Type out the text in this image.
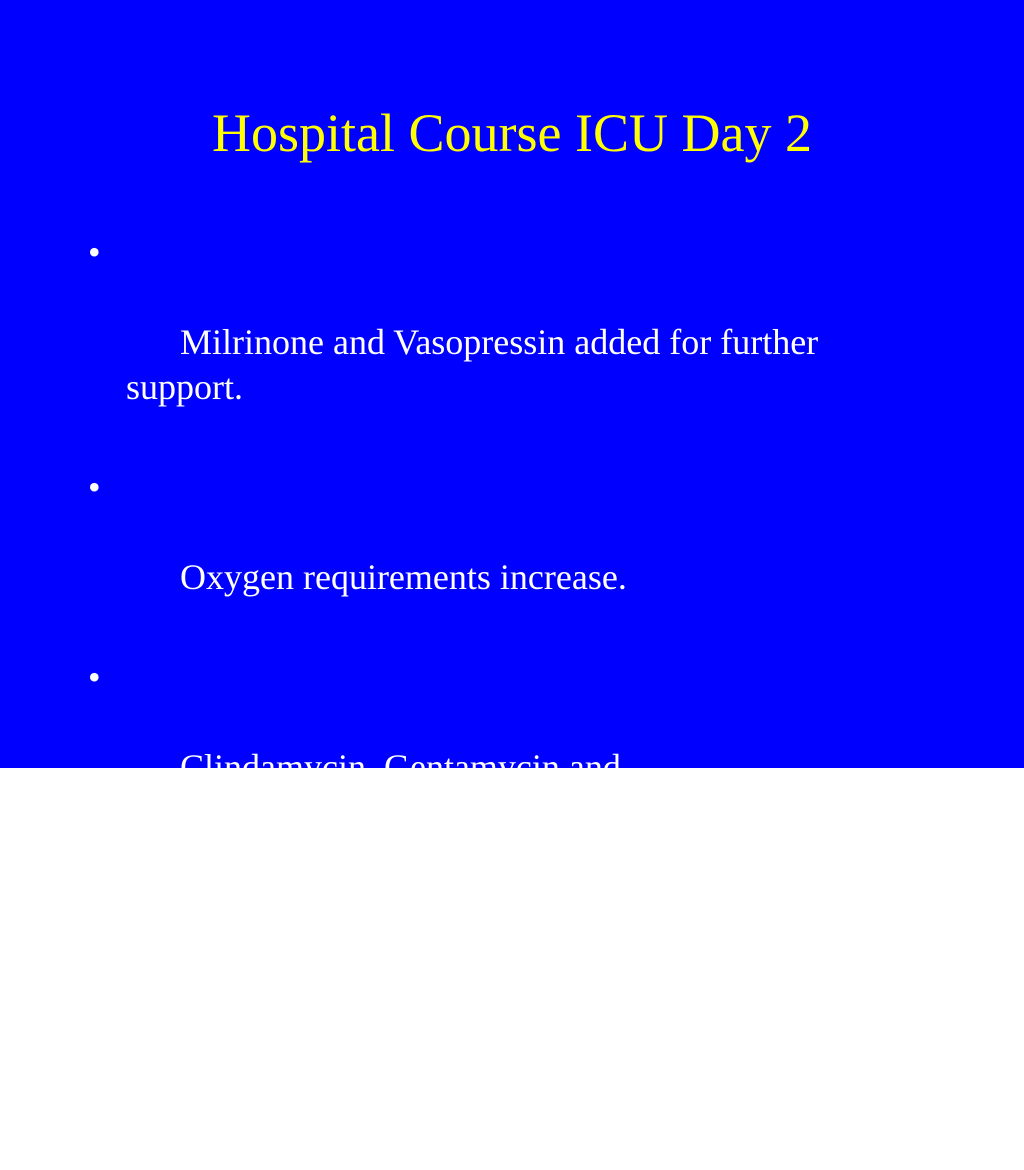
Hospital Course ICU Day 2

•

Milrinone and Vasopressin added for further
support.

•

Oxygen requirements increase.

•

Clindamycin, Gentamycin and
Metronidazole continued.  Cefazolin dc’d.

•

Pt sustains Acute MI with peak CPK of
1263, Troponin rises to 11.8.  With ST
elevations in the anterior leads.
